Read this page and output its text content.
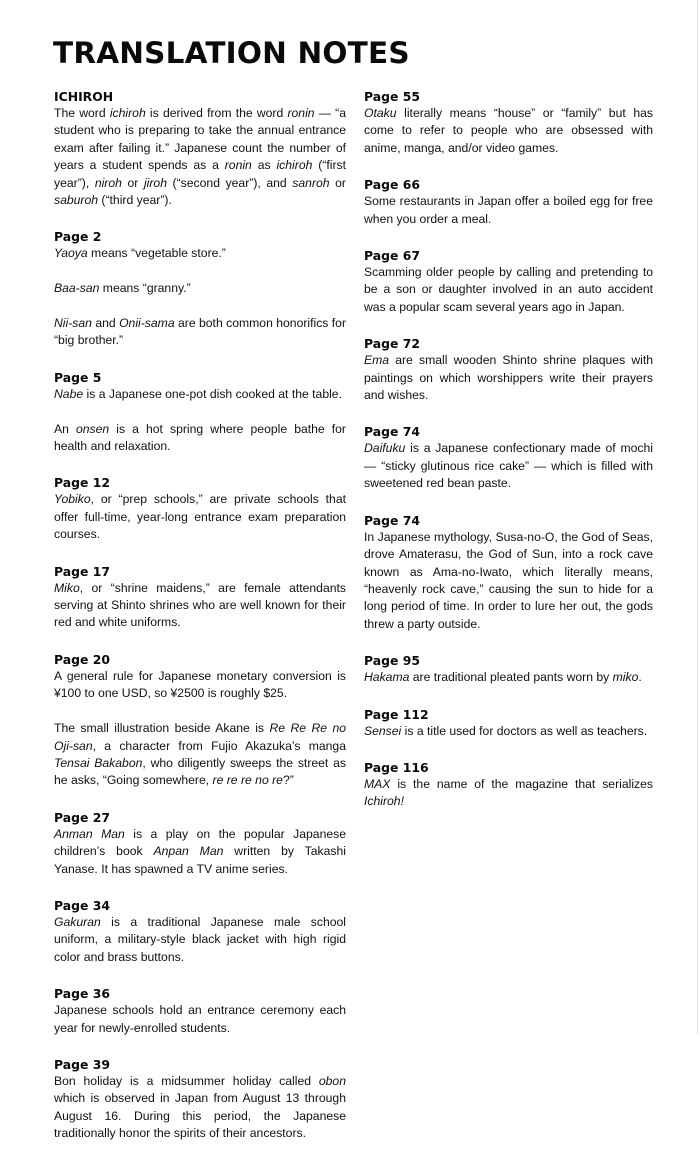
TRANSLATION NOTES
ICHIROH

The word ichiroh is derived from the word ronin — “a student who is preparing to take the annual entrance exam after failing it.” Japanese count the number of years a student spends as a ronin as ichiroh (“first year”), niroh or jiroh (“second year”), and sanroh or saburoh (“third year”).

Page 2

Yaoya means “vegetable store.”

Baa-san means “granny.”

Nii-san and Onii-sama are both common honorifics for “big brother.”

Page 5

Nabe is a Japanese one-pot dish cooked at the table.

An onsen is a hot spring where people bathe for health and relaxation.

Page 12

Yobiko, or “prep schools,” are private schools that offer full-time, year-long entrance exam preparation courses.

Page 17

Miko, or “shrine maidens,” are female attendants serving at Shinto shrines who are well known for their red and white uniforms.

Page 20

A general rule for Japanese monetary conversion is ¥100 to one USD, so ¥2500 is roughly $25.

The small illustration beside Akane is Re Re Re no Oji-san, a character from Fujio Akazuka’s manga Tensai Bakabon, who diligently sweeps the street as he asks, “Going somewhere, re re re no re?”

Page 27

Anman Man is a play on the popular Japanese children’s book Anpan Man written by Takashi Yanase. It has spawned a TV anime series.

Page 34

Gakuran is a traditional Japanese male school uniform, a military-style black jacket with high rigid color and brass buttons.

Page 36

Japanese schools hold an entrance ceremony each year for newly-enrolled students.

Page 39

Bon holiday is a midsummer holiday called obon which is observed in Japan from August 13 through August 16. During this period, the Japanese traditionally honor the spirits of their ancestors.

Page 55

Otaku literally means “house” or “family” but has come to refer to people who are obsessed with anime, manga, and/or video games.

Page 66

Some restaurants in Japan offer a boiled egg for free when you order a meal.

Page 67

Scamming older people by calling and pretending to be a son or daughter involved in an auto accident was a popular scam several years ago in Japan.

Page 72

Ema are small wooden Shinto shrine plaques with paintings on which worshippers write their prayers and wishes.

Page 74

Daifuku is a Japanese confectionary made of mochi — “sticky glutinous rice cake” — which is filled with sweetened red bean paste.

Page 74

In Japanese mythology, Susa-no-O, the God of Seas, drove Amaterasu, the God of Sun, into a rock cave known as Ama-no-Iwato, which literally means, “heavenly rock cave,” causing the sun to hide for a long period of time. In order to lure her out, the gods threw a party outside.

Page 95

Hakama are traditional pleated pants worn by miko.

Page 112

Sensei is a title used for doctors as well as teachers.

Page 116

MAX is the name of the magazine that serializes Ichiroh!
